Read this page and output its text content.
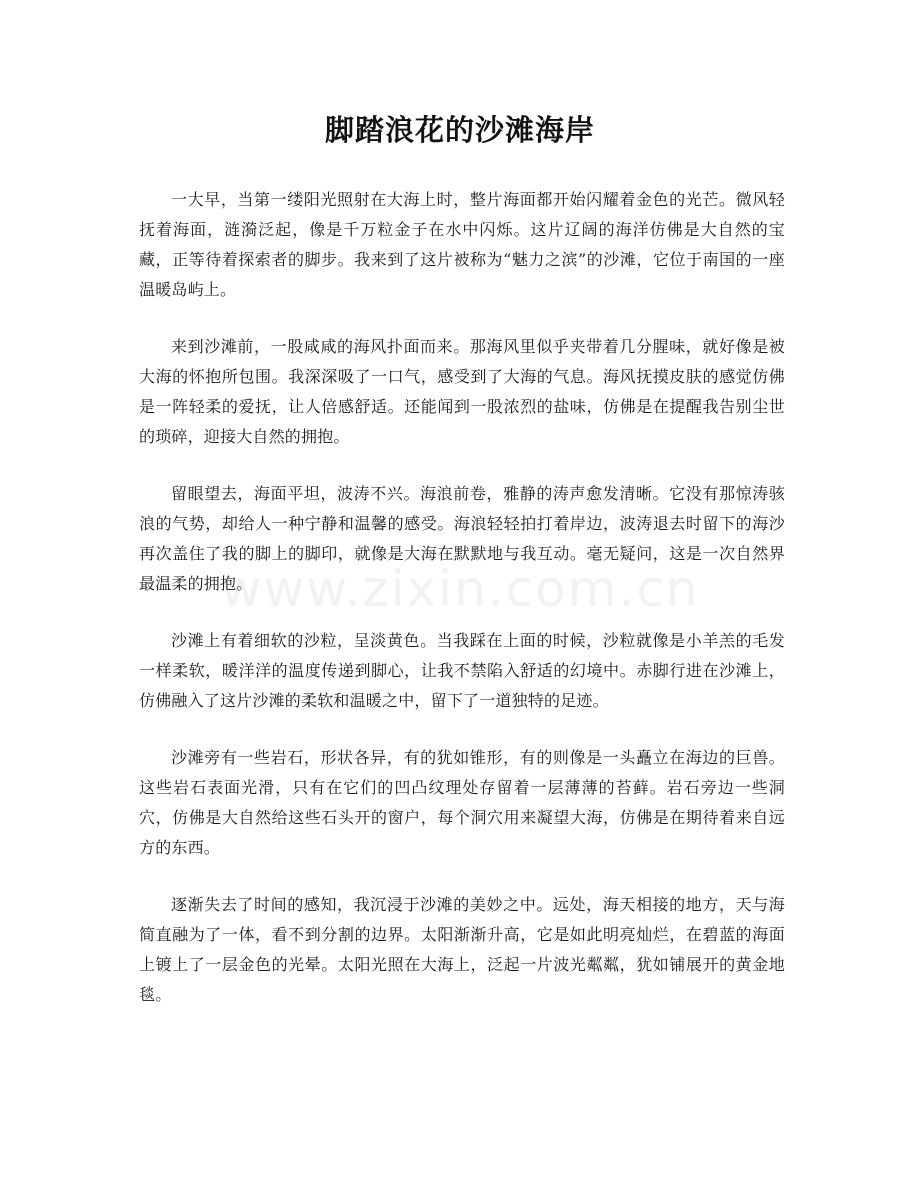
脚踏浪花的沙滩海岸
www.zixin.com.cn

一大早，当第一缕阳光照射在大海上时，整片海面都开始闪耀着金色的光芒。微风轻抚着海面，涟漪泛起，像是千万粒金子在水中闪烁。这片辽阔的海洋仿佛是大自然的宝藏，正等待着探索者的脚步。我来到了这片被称为“魅力之滨”的沙滩，它位于南国的一座温暖岛屿上。

来到沙滩前，一股咸咸的海风扑面而来。那海风里似乎夹带着几分腥味，就好像是被大海的怀抱所包围。我深深吸了一口气，感受到了大海的气息。海风抚摸皮肤的感觉仿佛是一阵轻柔的爱抚，让人倍感舒适。还能闻到一股浓烈的盐味，仿佛是在提醒我告别尘世的琐碎，迎接大自然的拥抱。

留眼望去，海面平坦，波涛不兴。海浪前卷，雅静的涛声愈发清晰。它没有那惊涛骇浪的气势，却给人一种宁静和温馨的感受。海浪轻轻拍打着岸边，波涛退去时留下的海沙再次盖住了我的脚上的脚印，就像是大海在默默地与我互动。毫无疑问，这是一次自然界最温柔的拥抱。

沙滩上有着细软的沙粒，呈淡黄色。当我踩在上面的时候，沙粒就像是小羊羔的毛发一样柔软，暖洋洋的温度传递到脚心，让我不禁陷入舒适的幻境中。赤脚行进在沙滩上，仿佛融入了这片沙滩的柔软和温暖之中，留下了一道独特的足迹。

沙滩旁有一些岩石，形状各异，有的犹如锥形，有的则像是一头矗立在海边的巨兽。这些岩石表面光滑，只有在它们的凹凸纹理处存留着一层薄薄的苔藓。岩石旁边一些洞穴，仿佛是大自然给这些石头开的窗户，每个洞穴用来凝望大海，仿佛是在期待着来自远方的东西。

逐渐失去了时间的感知，我沉浸于沙滩的美妙之中。远处，海天相接的地方，天与海简直融为了一体，看不到分割的边界。太阳渐渐升高，它是如此明亮灿烂，在碧蓝的海面上镀上了一层金色的光晕。太阳光照在大海上，泛起一片波光粼粼，犹如铺展开的黄金地毯。
